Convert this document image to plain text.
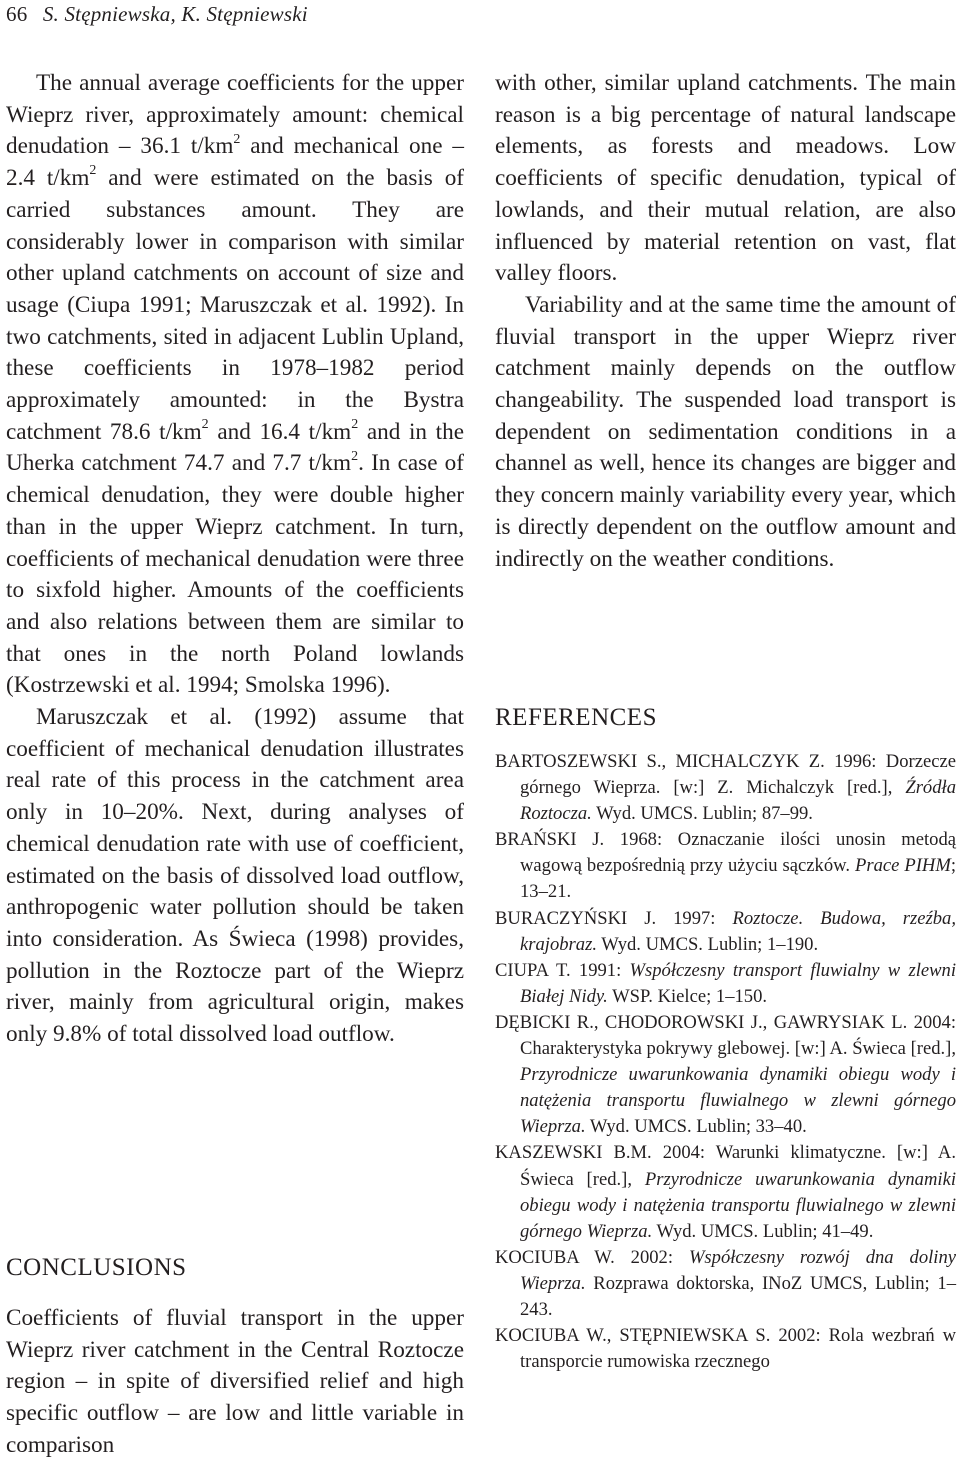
66 S. Stępniewska, K. Stępniewski

The annual average coefficients for the upper Wieprz river, approximately amount: chemical denudation – 36.1 $t/km^2$ and mechanical one – 2.4 $t/km^2$ and were estimated on the basis of carried substances amount. They are considerably lower in comparison with similar other upland catchments on account of size and usage (Ciupa 1991; Maruszczak et al. 1992). In two catchments, sited in adjacent Lublin Upland, these coefficients in 1978–1982 period approximately amounted: in the Bystra catchment 78.6 $t/km^2$ and 16.4 $t/km^2$ and in the Uherka catchment 74.7 and 7.7 $t/km^2$. In case of chemical denudation, they were double higher than in the upper Wieprz catchment. In turn, coefficients of mechanical denudation were three to sixfold higher. Amounts of the coefficients and also relations between them are similar to that ones in the north Poland lowlands (Kostrzewski et al. 1994; Smolska 1996).

Maruszczak et al. (1992) assume that coefficient of mechanical denudation illustrates real rate of this process in the catchment area only in 10–20%. Next, during analyses of chemical denudation rate with use of coefficient, estimated on the basis of dissolved load outflow, anthropogenic water pollution should be taken into consideration. As Świeca (1998) provides, pollution in the Roztocze part of the Wieprz river, mainly from agricultural origin, makes only 9.8% of total dissolved load outflow.

CONCLUSIONS

Coefficients of fluvial transport in the upper Wieprz river catchment in the Central Roztocze region – in spite of diversified relief and high specific outflow – are low and little variable in comparison

with other, similar upland catchments. The main reason is a big percentage of natural landscape elements, as forests and meadows. Low coefficients of specific denudation, typical of lowlands, and their mutual relation, are also influenced by material retention on vast, flat valley floors.

Variability and at the same time the amount of fluvial transport in the upper Wieprz river catchment mainly depends on the outflow changeability. The suspended load transport is dependent on sedimentation conditions in a channel as well, hence its changes are bigger and they concern mainly variability every year, which is directly dependent on the outflow amount and indirectly on the weather conditions.

REFERENCES
BARTOSZEWSKI S., MICHALCZYK Z. 1996: Dorzecze górnego Wieprza. [w:] Z. Michalczyk [red.], Źródła Roztocza. Wyd. UMCS. Lublin; 87–99.
BRAŃSKI J. 1968: Oznaczanie ilości unosin metodą wagową bezpośrednią przy użyciu sączków. Prace PIHM; 13–21.
BURACZYŃSKI J. 1997: Roztocze. Budowa, rzeźba, krajobraz. Wyd. UMCS. Lublin; 1–190.
CIUPA T. 1991: Współczesny transport fluwialny w zlewni Białej Nidy. WSP. Kielce; 1–150.
DĘBICKI R., CHODOROWSKI J., GAWRYSIAK L. 2004: Charakterystyka pokrywy glebowej. [w:] A. Świeca [red.], Przyrodnicze uwarunkowania dynamiki obiegu wody i natężenia transportu fluwialnego w zlewni górnego Wieprza. Wyd. UMCS. Lublin; 33–40.
KASZEWSKI B.M. 2004: Warunki klimatyczne. [w:] A. Świeca [red.], Przyrodnicze uwarunkowania dynamiki obiegu wody i natężenia transportu fluwialnego w zlewni górnego Wieprza. Wyd. UMCS. Lublin; 41–49.
KOCIUBA W. 2002: Współczesny rozwój dna doliny Wieprza. Rozprawa doktorska, INoZ UMCS, Lublin; 1–243.
KOCIUBA W., STĘPNIEWSKA S. 2002: Rola wezbrań w transporcie rumowiska rzecznego
